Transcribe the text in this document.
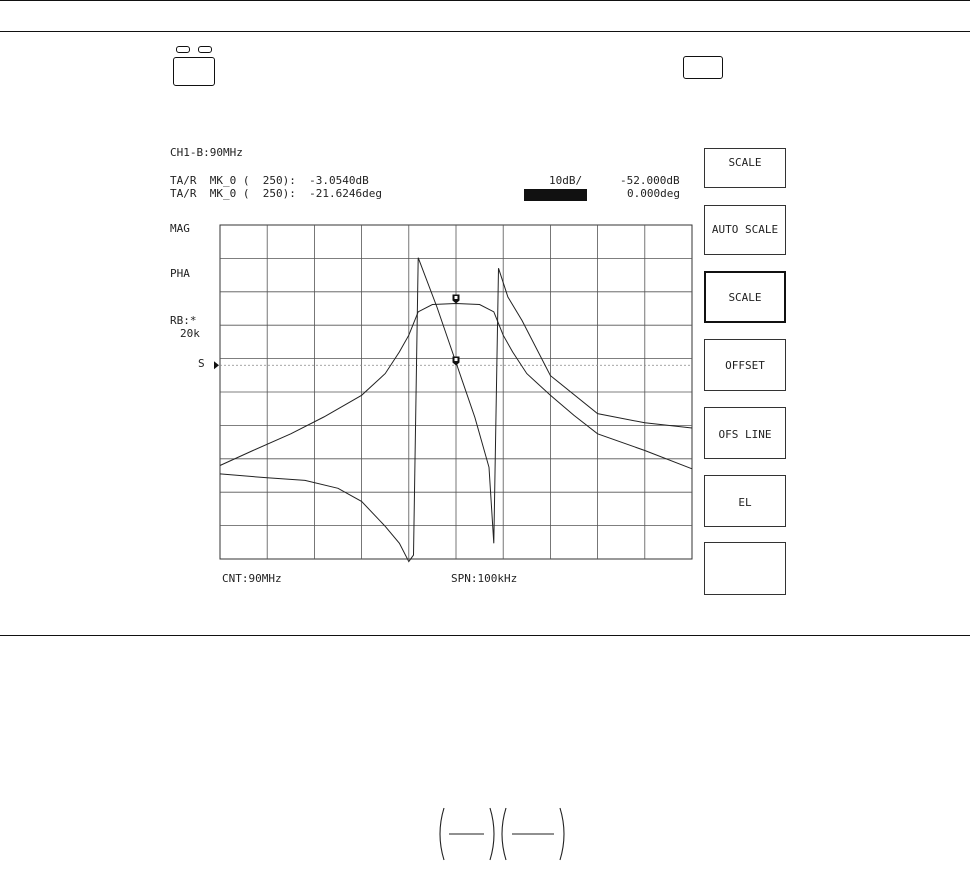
CH1-B:90MHz
TA/R MK_0 ( 250): -3.0540dB
TA/R MK_0 ( 250): -21.6246deg
10dB/	-52.000dB
0.000deg
MAG
PHA
RB:*
20k
S
CNT:90MHz	SPN:100kHz
SCALE
AUTO SCALE
SCALE
OFFSET
OFS LINE
EL
